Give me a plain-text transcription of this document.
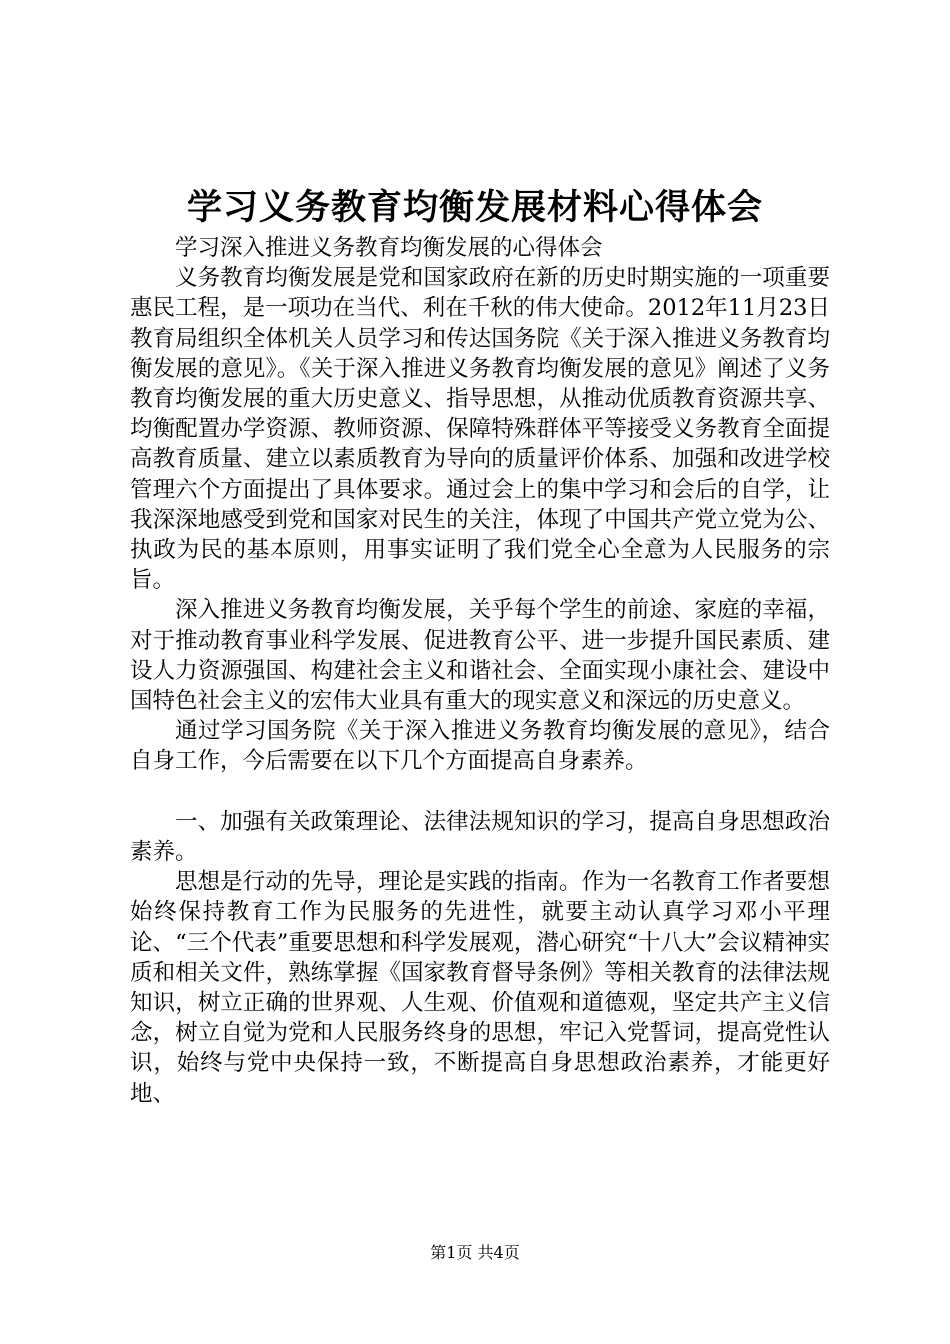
学习义务教育均衡发展材料心得体会

学习深入推进义务教育均衡发展的心得体会

义务教育均衡发展是党和国家政府在新的历史时期实施的一项重要惠民工程，是一项功在当代、利在千秋的伟大使命。2012年11月23日教育局组织全体机关人员学习和传达国务院《关于深入推进义务教育均衡发展的意见》。《关于深入推进义务教育均衡发展的意见》阐述了义务教育均衡发展的重大历史意义、指导思想，从推动优质教育资源共享、均衡配置办学资源、教师资源、保障特殊群体平等接受义务教育全面提高教育质量、建立以素质教育为导向的质量评价体系、加强和改进学校管理六个方面提出了具体要求。通过会上的集中学习和会后的自学，让我深深地感受到党和国家对民生的关注，体现了中国共产党立党为公、执政为民的基本原则，用事实证明了我们党全心全意为人民服务的宗旨。

深入推进义务教育均衡发展，关乎每个学生的前途、家庭的幸福，对于推动教育事业科学发展、促进教育公平、进一步提升国民素质、建设人力资源强国、构建社会主义和谐社会、全面实现小康社会、建设中国特色社会主义的宏伟大业具有重大的现实意义和深远的历史意义。

通过学习国务院《关于深入推进义务教育均衡发展的意见》，结合自身工作，今后需要在以下几个方面提高自身素养。

一、加强有关政策理论、法律法规知识的学习，提高自身思想政治素养。

思想是行动的先导，理论是实践的指南。作为一名教育工作者要想始终保持教育工作为民服务的先进性，就要主动认真学习邓小平理论、“三个代表”重要思想和科学发展观，潜心研究“十八大”会议精神实质和相关文件，熟练掌握《国家教育督导条例》等相关教育的法律法规知识，树立正确的世界观、人生观、价值观和道德观，坚定共产主义信念，树立自觉为党和人民服务终身的思想，牢记入党誓词，提高党性认识，始终与党中央保持一致，不断提高自身思想政治素养，才能更好地、

第1页 共4页
